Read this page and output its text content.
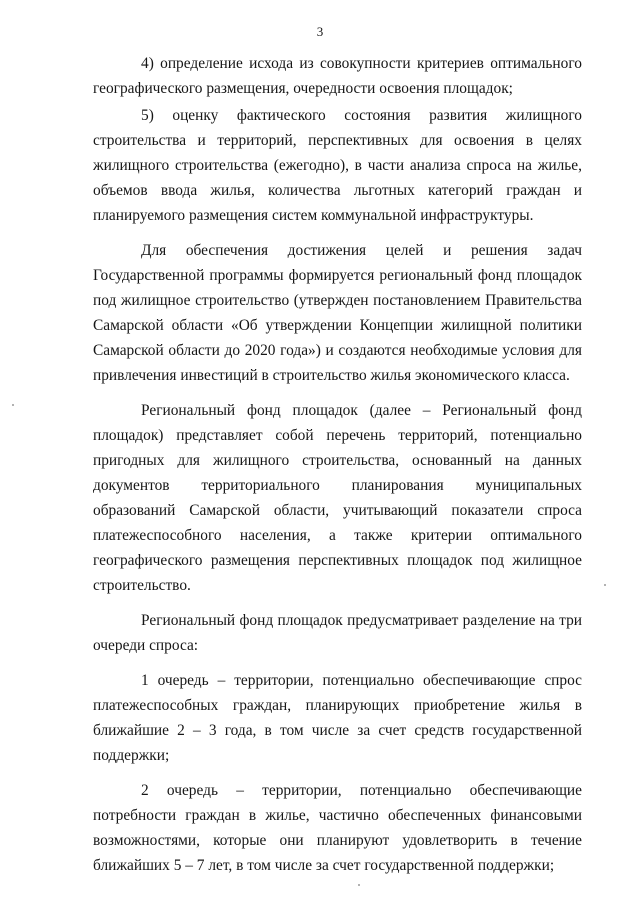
3

4) определение исхода из совокупности критериев оптимального географического размещения, очередности освоения площадок;

5) оценку фактического состояния развития жилищного строительства и территорий, перспективных для освоения в целях жилищного строительства (ежегодно), в части анализа спроса на жилье, объемов ввода жилья, количества льготных категорий граждан и планируемого размещения систем коммунальной инфраструктуры.

Для обеспечения достижения целей и решения задач Государственной программы формируется региональный фонд площадок под жилищное строительство (утвержден постановлением Правительства Самарской области «Об утверждении Концепции жилищной политики Самарской области до 2020 года») и создаются необходимые условия для привлечения инвестиций в строительство жилья экономического класса.

Региональный фонд площадок (далее – Региональный фонд площадок) представляет собой перечень территорий, потенциально пригодных для жилищного строительства, основанный на данных документов территориального планирования муниципальных образований Самарской области, учитывающий показатели спроса платежеспособного населения, а также критерии оптимального географического размещения перспективных площадок под жилищное строительство.

Региональный фонд площадок предусматривает разделение на три очереди спроса:

1 очередь – территории, потенциально обеспечивающие спрос платежеспособных граждан, планирующих приобретение жилья в ближайшие 2 – 3 года, в том числе за счет средств государственной поддержки;

2 очередь – территории, потенциально обеспечивающие потребности граждан в жилье, частично обеспеченных финансовыми возможностями, которые они планируют удовлетворить в течение ближайших 5 – 7 лет, в том числе за счет государственной поддержки;
